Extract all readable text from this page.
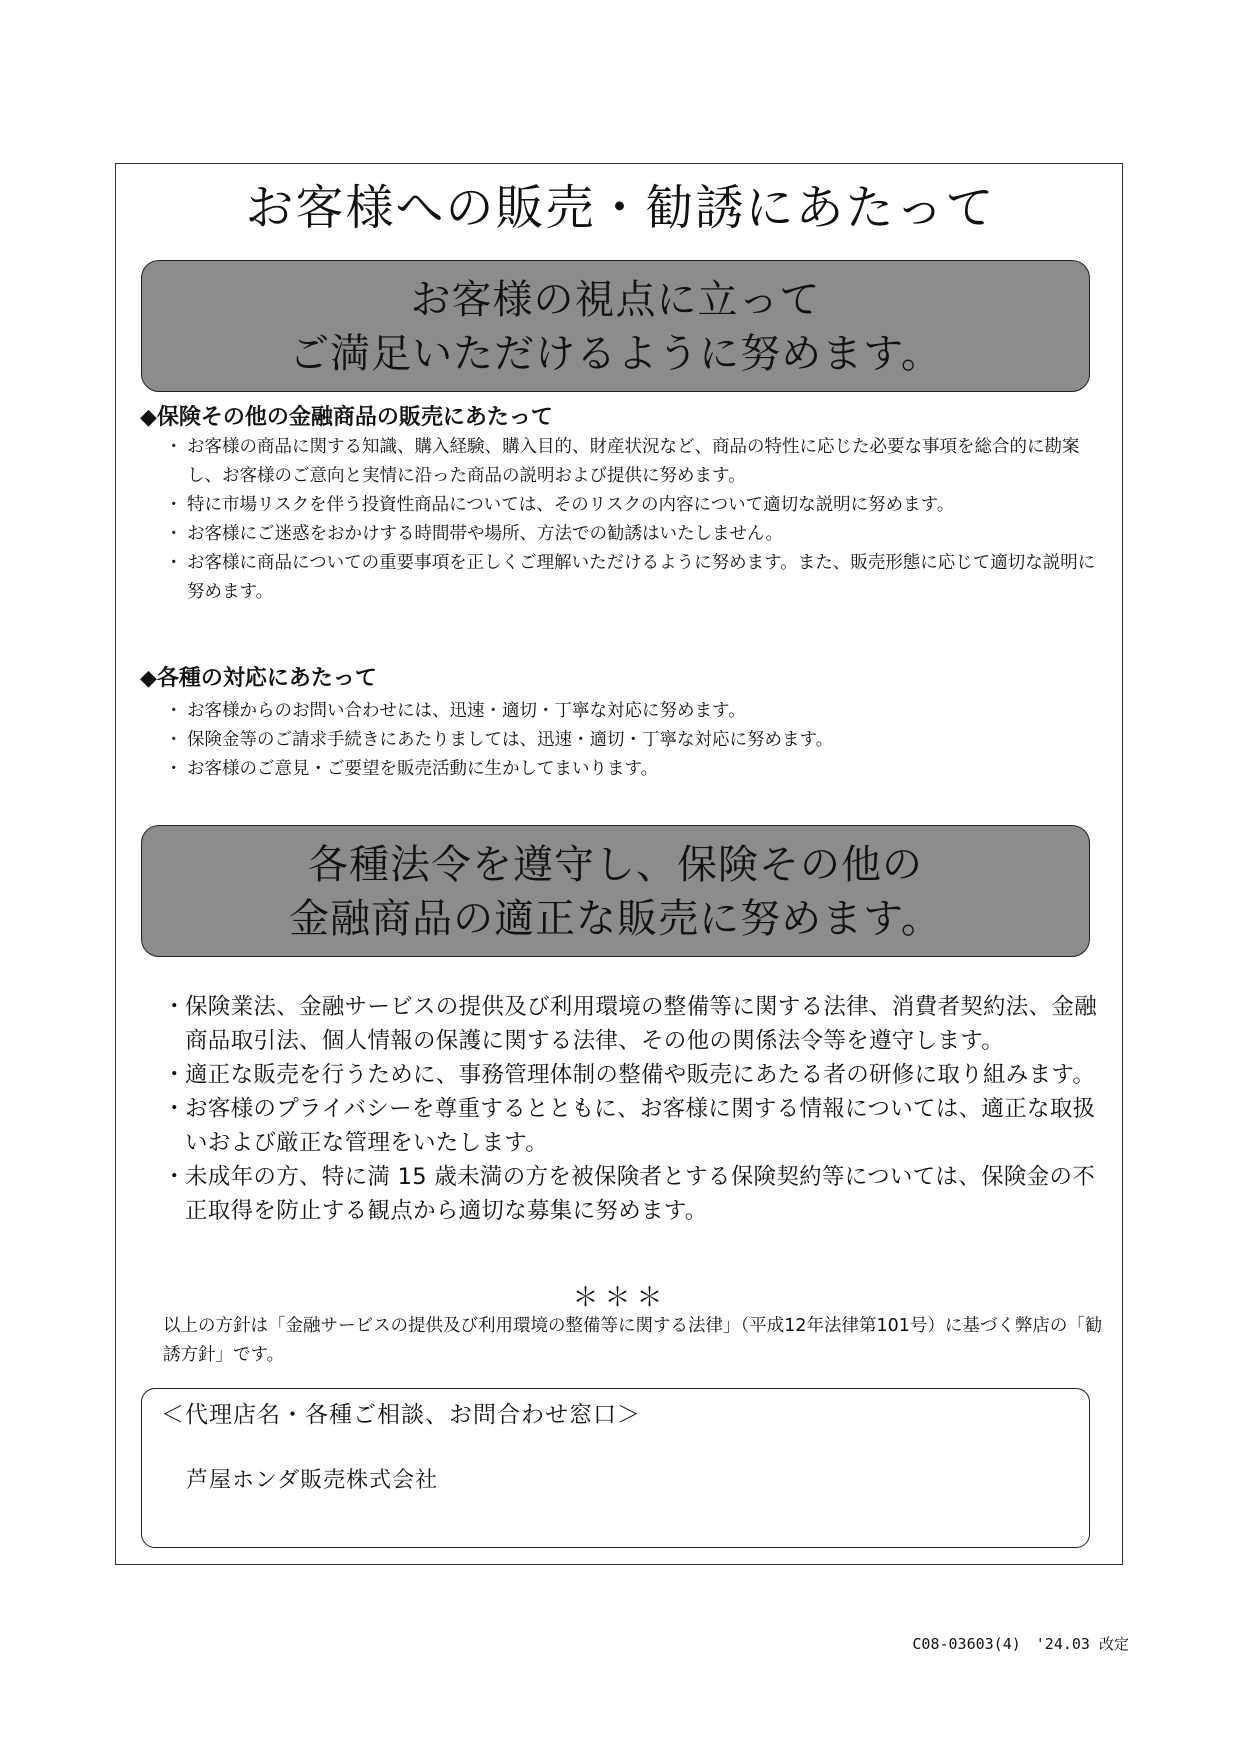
お客様への販売・勧誘にあたって
お客様の視点に立って
ご満足いただけるように努めます。
◆保険その他の金融商品の販売にあたって
・ お客様の商品に関する知識、購入経験、購入目的、財産状況など、商品の特性に応じた必要な事項を総合的に勘案し、お客様のご意向と実情に沿った商品の説明および提供に努めます。
・ 特に市場リスクを伴う投資性商品については、そのリスクの内容について適切な説明に努めます。
・ お客様にご迷惑をおかけする時間帯や場所、方法での勧誘はいたしません。
・ お客様に商品についての重要事項を正しくご理解いただけるように努めます。また、販売形態に応じて適切な説明に努めます。
◆各種の対応にあたって
・ お客様からのお問い合わせには、迅速・適切・丁寧な対応に努めます。
・ 保険金等のご請求手続きにあたりましては、迅速・適切・丁寧な対応に努めます。
・ お客様のご意見・ご要望を販売活動に生かしてまいります。
各種法令を遵守し、保険その他の
金融商品の適正な販売に努めます。
・ 保険業法、金融サービスの提供及び利用環境の整備等に関する法律、消費者契約法、金融商品取引法、個人情報の保護に関する法律、その他の関係法令等を遵守します。
・ 適正な販売を行うために、事務管理体制の整備や販売にあたる者の研修に取り組みます。
・ お客様のプライバシーを尊重するとともに、お客様に関する情報については、適正な取扱いおよび厳正な管理をいたします。
・ 未成年の方、特に満 15 歳未満の方を被保険者とする保険契約等については、保険金の不正取得を防止する観点から適切な募集に努めます。
＊＊＊

以上の方針は「金融サービスの提供及び利用環境の整備等に関する法律」（平成12年法律第101号）に基づく弊店の「勧誘方針」です。

＜代理店名・各種ご相談、お問合わせ窓口＞
芦屋ホンダ販売株式会社
C08-03603(4)　'24.03 改定
